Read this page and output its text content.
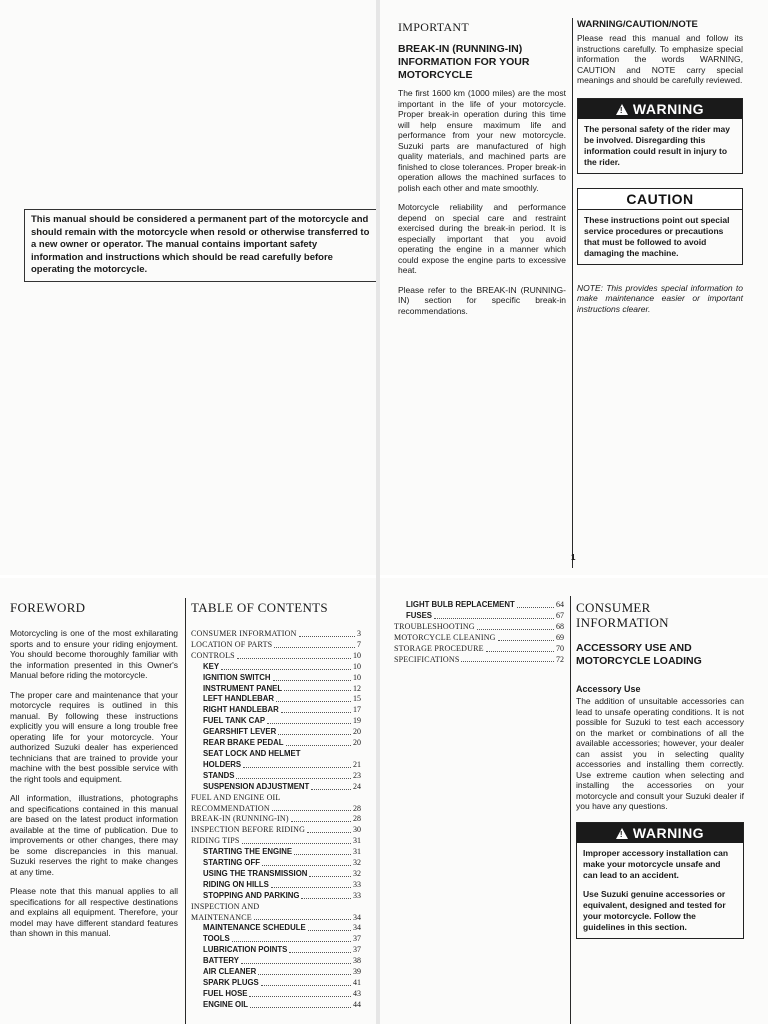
This manual should be considered a permanent part of the motorcycle and should remain with the motorcycle when resold or otherwise transferred to a new owner or operator. The manual contains important safety information and instructions which should be read carefully before operating the motorcycle.
IMPORTANT
BREAK-IN (RUNNING-IN) INFORMATION FOR YOUR MOTORCYCLE

The first 1600 km (1000 miles) are the most important in the life of your motorcycle. Proper break-in operation during this time will help ensure maximum life and performance from your new motorcycle. Suzuki parts are manufactured of high quality materials, and machined parts are finished to close tolerances. Proper break-in operation allows the machined surfaces to polish each other and mate smoothly.

Motorcycle reliability and performance depend on special care and restraint exercised during the break-in period. It is especially important that you avoid operating the engine in a manner which could expose the engine parts to excessive heat.

Please refer to the BREAK-IN (RUNNING-IN) section for specific break-in recommendations.

WARNING/CAUTION/NOTE
Please read this manual and follow its instructions carefully. To emphasize special information the words WARNING, CAUTION and NOTE carry special meanings and should be carefully reviewed.
!WARNING
The personal safety of the rider may be involved. Disregarding this information could result in injury to the rider.
CAUTION
These instructions point out special service procedures or precautions that must be followed to avoid damaging the machine.
NOTE: This provides special information to make maintenance easier or important instructions clearer.
1
FOREWORD

Motorcycling is one of the most exhilarating sports and to ensure your riding enjoyment. You should become thoroughly familiar with the information presented in this Owner's Manual before riding the motorcycle.

The proper care and maintenance that your motorcycle requires is outlined in this manual. By following these instructions explicitly you will ensure a long trouble free operating life for your motorcycle. Your authorized Suzuki dealer has experienced technicians that are trained to provide your machine with the best possible service with the right tools and equipment.

All information, illustrations, photographs and specifications contained in this manual are based on the latest product information available at the time of publication. Due to improvements or other changes, there may be some discrepancies in this manual. Suzuki reserves the right to make changes at any time.

Please note that this manual applies to all specifications for all respective destinations and explains all equipment. Therefore, your model may have different standard features than shown in this manual.

TABLE OF CONTENTS
CONSUMER INFORMATION	3
LOCATION OF PARTS	7
CONTROLS	10
KEY	10
IGNITION SWITCH	10
INSTRUMENT PANEL	12
LEFT HANDLEBAR	15
RIGHT HANDLEBAR	17
FUEL TANK CAP	19
GEARSHIFT LEVER	20
REAR BRAKE PEDAL	20
SEAT LOCK AND HELMET
HOLDERS	21
STANDS	23
SUSPENSION ADJUSTMENT	24
FUEL AND ENGINE OIL
RECOMMENDATION	28
BREAK-IN (RUNNING-IN)	28
INSPECTION BEFORE RIDING	30
RIDING TIPS	31
STARTING THE ENGINE	31
STARTING OFF	32
USING THE TRANSMISSION	32
RIDING ON HILLS	33
STOPPING AND PARKING	33
INSPECTION AND
MAINTENANCE	34
MAINTENANCE SCHEDULE	34
TOOLS	37
LUBRICATION POINTS	37
BATTERY	38
AIR CLEANER	39
SPARK PLUGS	41
FUEL HOSE	43
ENGINE OIL	44
LIGHT BULB REPLACEMENT	64
FUSES	67
TROUBLESHOOTING	68
MOTORCYCLE CLEANING	69
STORAGE PROCEDURE	70
SPECIFICATIONS	72
CONSUMER INFORMATION
ACCESSORY USE AND MOTORCYCLE LOADING
Accessory Use
The addition of unsuitable accessories can lead to unsafe operating conditions. It is not possible for Suzuki to test each accessory on the market or combinations of all the available accessories; however, your dealer can assist you in selecting quality accessories and installing them correctly. Use extreme caution when selecting and installing the accessories on your motorcycle and consult your Suzuki dealer if you have any questions.
!WARNING

Improper accessory installation can make your motorcycle unsafe and can lead to an accident.

Use Suzuki genuine accessories or equivalent, designed and tested for your motorcycle. Follow the guidelines in this section.
